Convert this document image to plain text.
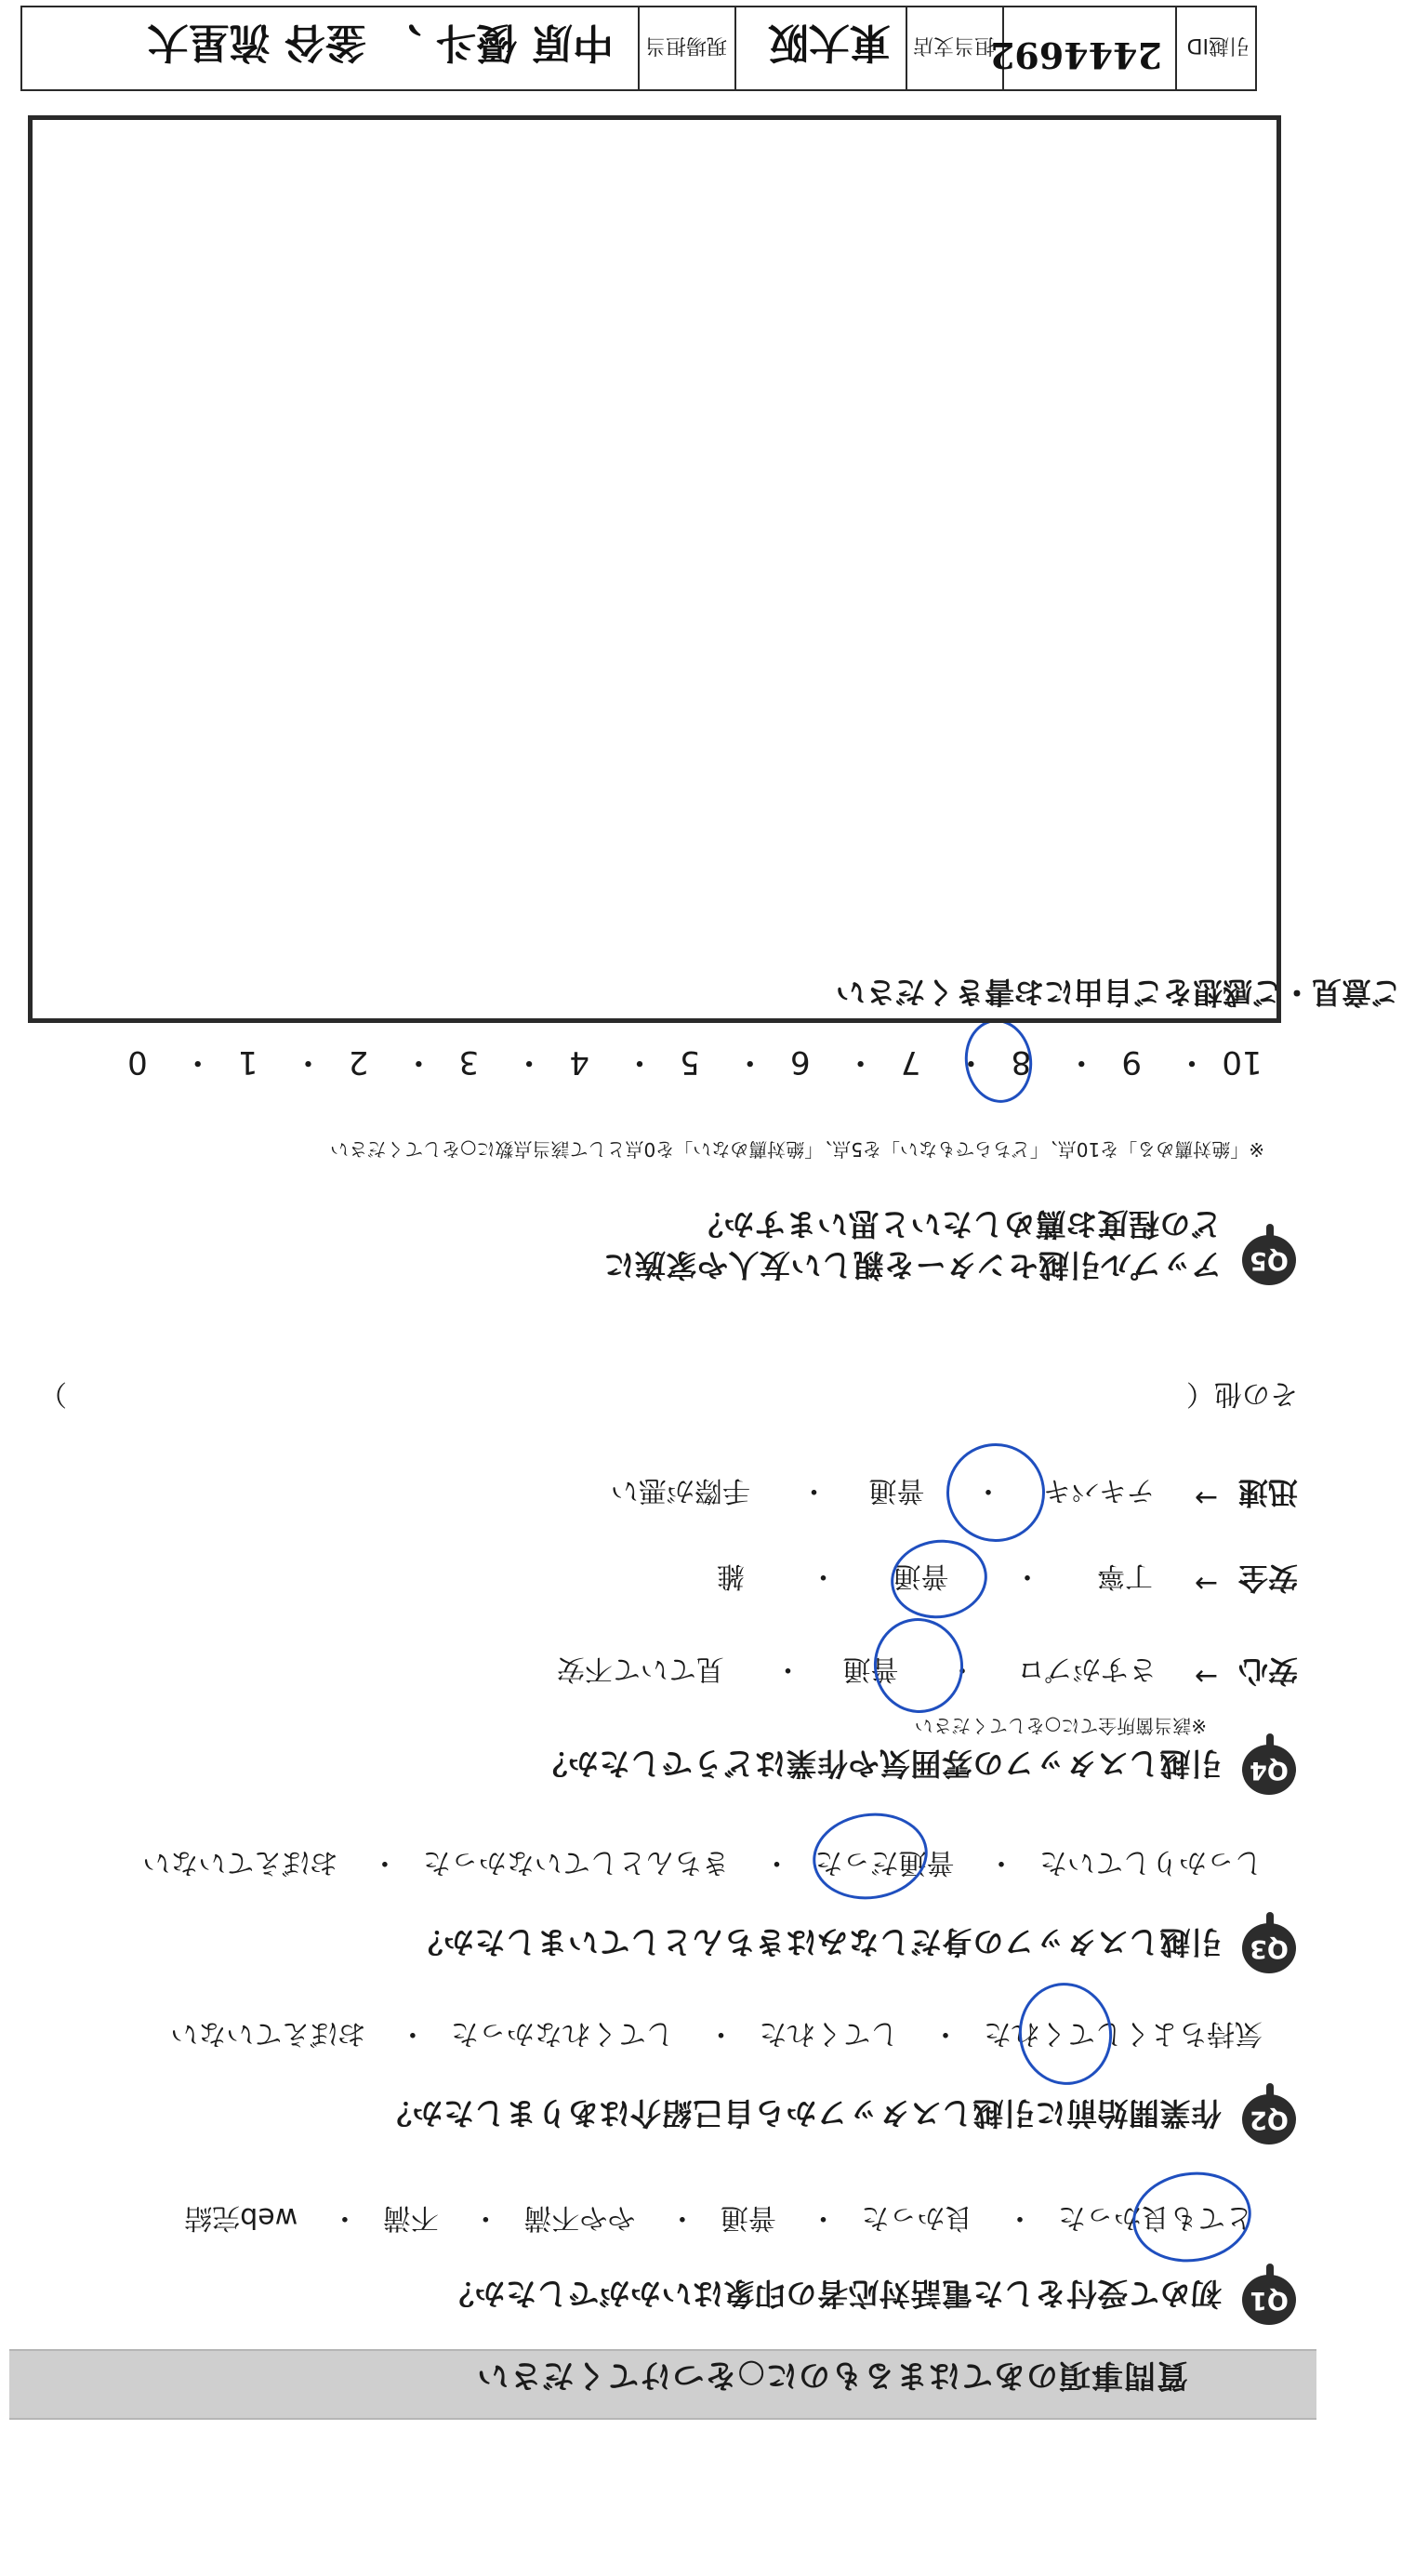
質問事項のあてはまるものに○をつけてください
Q1
初めて受付をした電話対応者の印象はいかがでしたか？
とても良かった・ 良かった・ 普通・ やや不満・ 不満・ web完結
Q2
作業開始前に引越しスタッフから自己紹介はありましたか？
気持ちよくしてくれた・ してくれた・ してくれなかった・ おぼえていない
Q3
引越しスタッフの身だしなみはきちんとしていましたか？
しっかりしていた・ 普通だった・ きちんとしていなかった・ おぼえていない
Q4
引越しスタッフの雰囲気や作業はどうでしたか？
※該当箇所全てに○をしてください
安心
→
さすがプロ・ 普通・ 見ていて不安
安全
→
丁寧・ 普通・ 雑
迅速
→
テキパキ・ 普通・ 手際が悪い
その他（
）
Q5
アップル引越センターを親しい友人や家族に
どの程度お薦めしたいと思いますか？
※「絶対薦める」を10点、「どちらでもない」を5点、「絶対薦めない」を0点として該当点数に○をしてください
10・ 9・ 8・ 7・ 6・ 5・ 4・ 3・ 2・ 1・ 0
ご意見・ご感想をご自由にお書きください
引越ID
2444692
担当支店
東大阪
現場担当
中原 優斗 、 釜谷 流星大
